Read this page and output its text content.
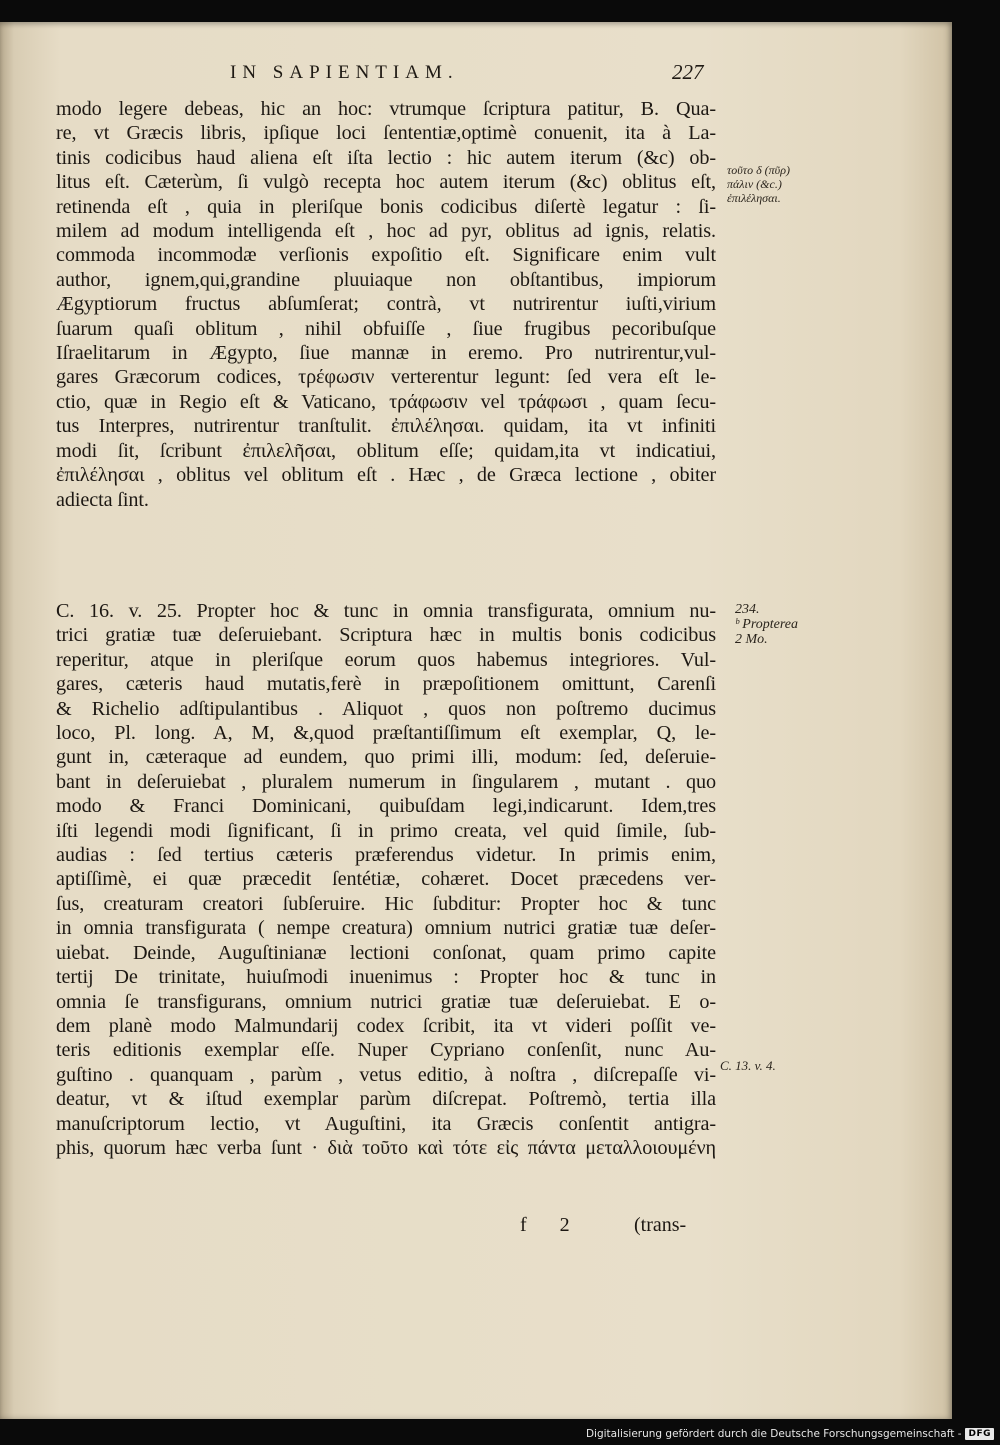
IN SAPIENTIAM.	227
modo legere debeas, hic an hoc: vtrumque ſcriptura patitur, B. Qua-
re, vt Græcis libris, ipſique loci ſententiæ,optimè conuenit, ita à La-
tinis codicibus haud aliena eſt iſta lectio : hic autem iterum (&c) ob-
litus eſt. Cæterùm, ſi vulgò recepta hoc autem iterum (&c) oblitus eſt,
retinenda eſt , quia in pleriſque bonis codicibus diſertè legatur : ſi-
milem ad modum intelligenda eſt , hoc ad pyr, oblitus ad ignis, relatis.
commoda incommodæ verſionis expoſitio eſt. Significare enim vult
author, ignem,qui,grandine pluuiaque non obſtantibus, impiorum
Ægyptiorum fructus abſumſerat; contrà, vt nutrirentur iuſti,virium
ſuarum quaſi oblitum , nihil obfuiſſe , ſiue frugibus pecoribuſque
Iſraelitarum in Ægypto, ſiue mannæ in eremo. Pro nutrirentur,vul-
gares Græcorum codices, τρέφωσιν verterentur legunt: ſed vera eſt le-
ctio, quæ in Regio eſt & Vaticano, τράφωσιν vel τράφωσι , quam ſecu-
tus Interpres, nutrirentur tranſtulit. ἐπιλέλησαι. quidam, ita vt infiniti
modi ſit, ſcribunt ἐπιλελῆσαι, oblitum eſſe; quidam,ita vt indicatiui,
ἐπιλέλησαι , oblitus vel oblitum eſt . Hæc , de Græca lectione , obiter
adiecta ſint.
τοῦτο δ (πῦρ)
πάλιν (&c.)
ἐπιλέλησαι.
C. 16. v. 25. Propter hoc & tunc in omnia transfigurata, omnium nu-
trici gratiæ tuæ deſeruiebant. Scriptura hæc in multis bonis codicibus
reperitur, atque in pleriſque eorum quos habemus integriores. Vul-
gares, cæteris haud mutatis,ferè in præpoſitionem omittunt, Carenſi
& Richelio adſtipulantibus . Aliquot , quos non poſtremo ducimus
loco, Pl. long. A, M, &,quod præſtantiſſimum eſt exemplar, Q, le-
gunt in, cæteraque ad eundem, quo primi illi, modum: ſed, deſeruie-
bant in deſeruiebat , pluralem numerum in ſingularem , mutant . quo
modo & Franci Dominicani, quibuſdam legi,indicarunt. Idem,tres
iſti legendi modi ſignificant, ſi in primo creata, vel quid ſimile, ſub-
audias : ſed tertius cæteris præferendus videtur. In primis enim,
aptiſſimè, ei quæ præcedit ſentétiæ, cohæret. Docet præcedens ver-
ſus, creaturam creatori ſubſeruire. Hic ſubditur: Propter hoc & tunc
in omnia transfigurata ( nempe creatura) omnium nutrici gratiæ tuæ deſer-
uiebat. Deinde, Auguſtinianæ lectioni conſonat, quam primo capite
tertij De trinitate, huiuſmodi inuenimus : Propter hoc & tunc in
omnia ſe transfigurans, omnium nutrici gratiæ tuæ deſeruiebat. E o-
dem planè modo Malmundarij codex ſcribit, ita vt videri poſſit ve-
teris editionis exemplar eſſe. Nuper Cypriano conſenſit, nunc Au-
guſtino . quanquam , parùm , vetus editio, à noſtra , diſcrepaſſe vi-
deatur, vt & iſtud exemplar parùm diſcrepat. Poſtremò, tertia illa
manuſcriptorum lectio, vt Auguſtini, ita Græcis conſentit antigra-
phis, quorum hæc verba ſunt · διὰ τοῦτο καὶ τότε εἰς πάντα μεταλλοιουμένη
234.
ᵇ Propterea
2 Mo.
C. 13. v. 4.
f 2	(trans-
Digitalisierung gefördert durch die Deutsche Forschungsgemeinschaft - DFG
